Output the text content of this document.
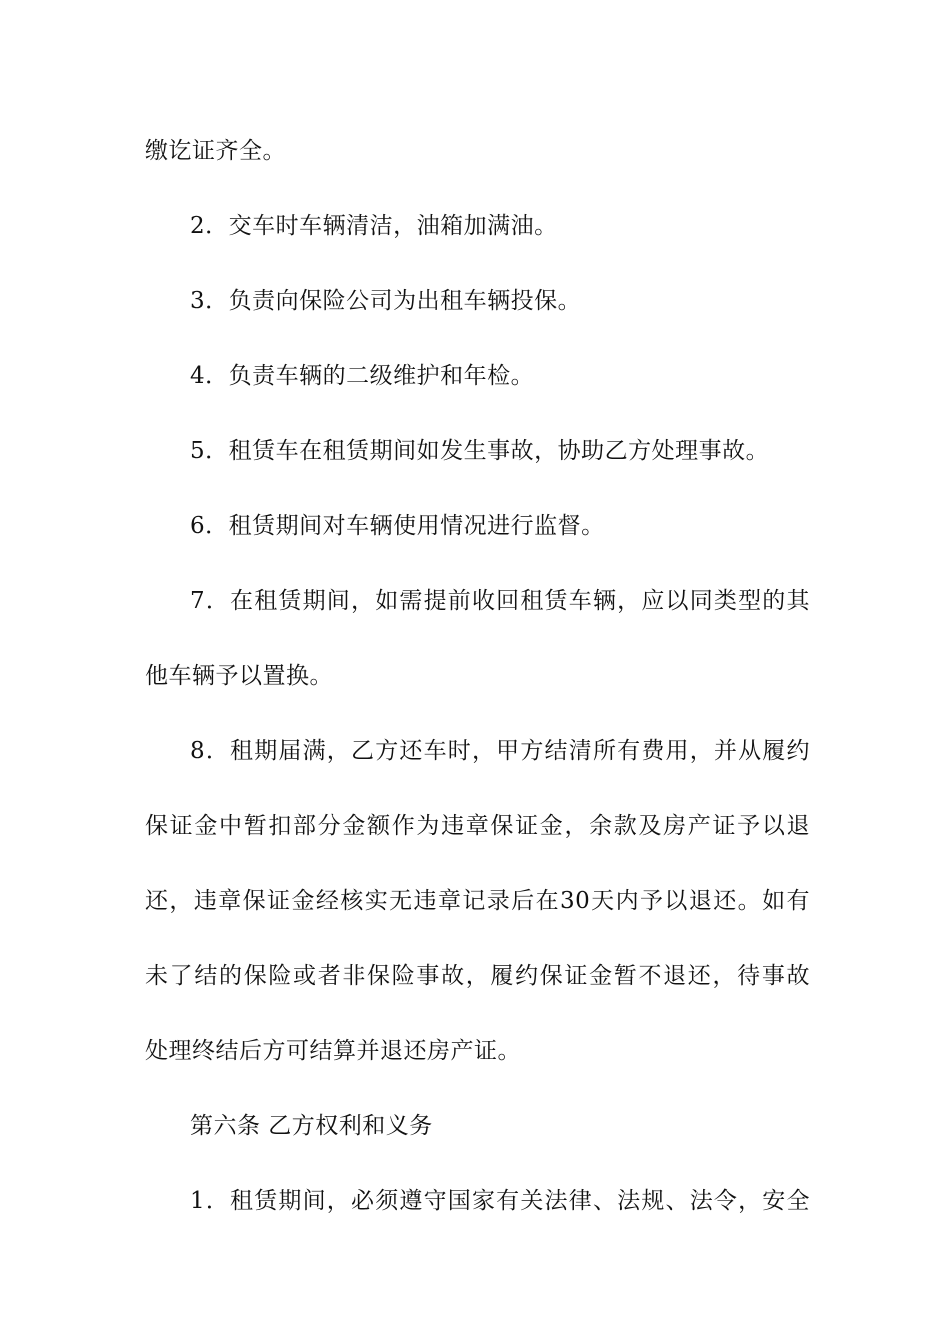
缴讫证齐全。
2．交车时车辆清洁，油箱加满油。
3．负责向保险公司为出租车辆投保。
4．负责车辆的二级维护和年检。
5．租赁车在租赁期间如发生事故，协助乙方处理事故。
6．租赁期间对车辆使用情况进行监督。
7．在租赁期间，如需提前收回租赁车辆，应以同类型的其
他车辆予以置换。
8．租期届满，乙方还车时，甲方结清所有费用，并从履约
保证金中暂扣部分金额作为违章保证金，余款及房产证予以退
还，违章保证金经核实无违章记录后在30天内予以退还。如有
未了结的保险或者非保险事故，履约保证金暂不退还，待事故
处理终结后方可结算并退还房产证。
第六条 乙方权利和义务
1．租赁期间，必须遵守国家有关法律、法规、法令，安全
